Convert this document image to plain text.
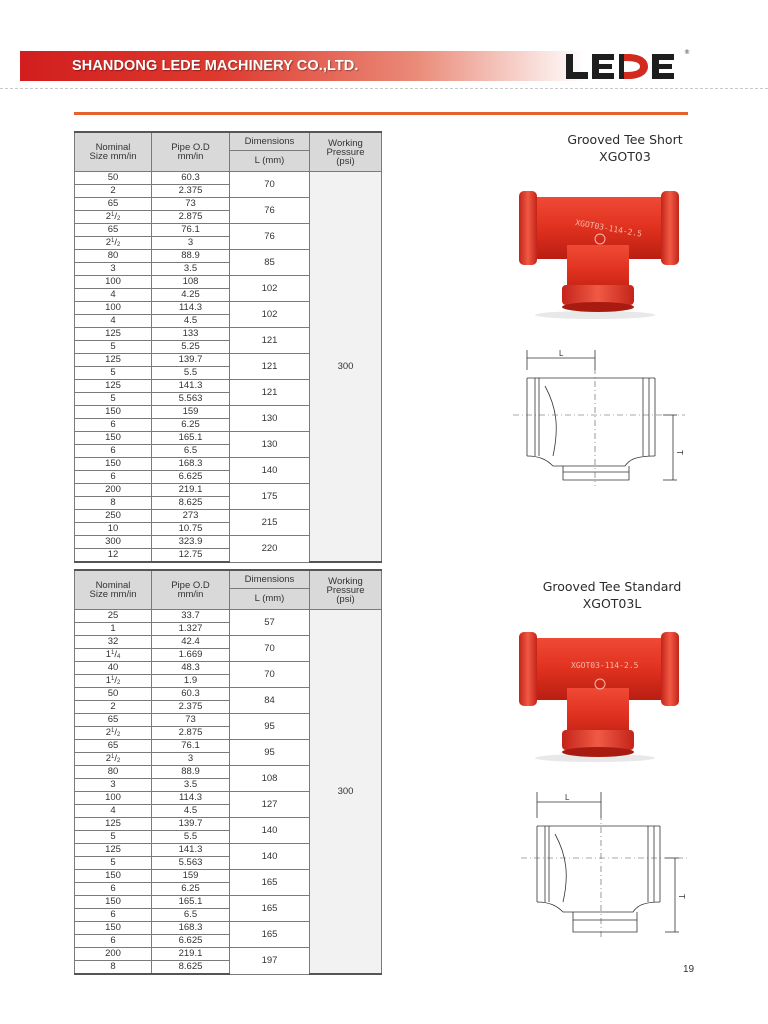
SHANDONG LEDE MACHINERY CO.,LTD.
®
Nominal
Size mm/in	Pipe O.D
mm/in	Dimensions	Working
Pressure
(psi)
		L (mm)	
50	60.3	70	300
2	2.375		
65	73	76	
$2^1/_2$	2.875		
65	76.1	76	
$2^1/_2$	3		
80	88.9	85	
3	3.5		
100	108	102	
4	4.25		
100	114.3	102	
4	4.5		
125	133	121	
5	5.25		
125	139.7	121	
5	5.5		
125	141.3	121	
5	5.563		
150	159	130	
6	6.25		
150	165.1	130	
6	6.5		
150	168.3	140	
6	6.625		
200	219.1	175	
8	8.625		
250	273	215	
10	10.75		
300	323.9	220	
12	12.75		
Nominal
Size mm/in	Pipe O.D
mm/in	Dimensions	Working
Pressure
(psi)
		L (mm)	
25	33.7	57	300
1	1.327		
32	42.4	70	
$1^1/_4$	1.669		
40	48.3	70	
$1^1/_2$	1.9		
50	60.3	84	
2	2.375		
65	73	95	
$2^1/_2$	2.875		
65	76.1	95	
$2^1/_2$	3		
80	88.9	108	
3	3.5		
100	114.3	127	
4	4.5		
125	139.7	140	
5	5.5		
125	141.3	140	
5	5.563		
150	159	165	
6	6.25		
150	165.1	165	
6	6.5		
150	168.3	165	
6	6.625		
200	219.1	197	
8	8.625		
Grooved Tee Short
XGOT03
XGOT03-114-2.5
L
T
Grooved Tee Standard
XGOT03L
XGOT03-114-2.5
L
T
19
